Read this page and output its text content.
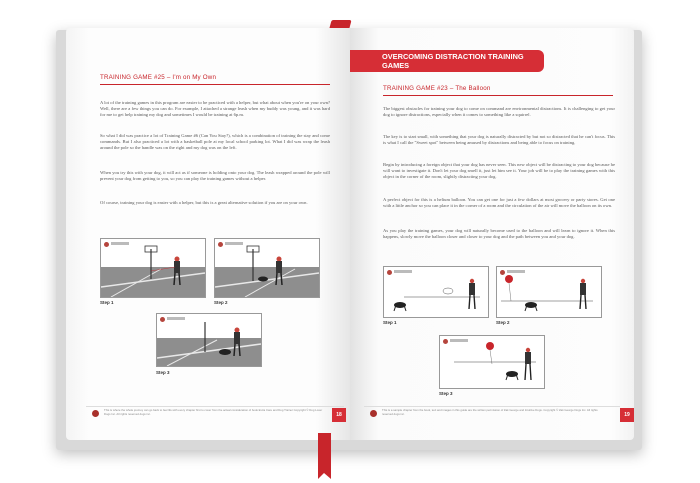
TRAINING GAME #25 – I'm on My Own
A lot of the training games in this program are easier to be practiced with a helper, but what about when you're on your own? Well, there are a few things you can do. For example, I attached a strange leash when my buddy was young, and it was hard for me to get help training my dog and sometimes I would be training at 6p.m.
So what I did was practice a lot of Training Game #6 (Can You Stay?), which is a combination of training the stay and come commands. But I also practiced a lot with a basketball pole at my local school parking lot. What I did was wrap the leash around the pole so the handle was on the right and my dog was on the left.
When you try this with your dog, it will act as if someone is holding onto your dog. The leash wrapped around the pole will prevent your dog from getting to you, so you can play the training games without a helper.
Of course, training your dog is easier with a helper, but this is a great alternative solution if you are on your own.
Step 1	Step 2
Step 3
This is where the whole journey can go back to feel life with every chapter first to cover from the actual consideration of book Extra Care and Dog Trainer Copyright © Dog Lover Dogs Inc. All rights reserved dogs inc.	18
OVERCOMING DISTRACTION TRAINING GAMES
TRAINING GAME #23 – The Balloon
The biggest obstacles for training your dog to come on command are environmental distractions. It is challenging to get your dog to ignore distractions, especially when it comes to something like a squirrel.
The key is to start small, with something that your dog is naturally distracted by but not so distracted that he can't focus. This is what I call the "Sweet spot" between being amused by distractions and being able to focus on training.
Begin by introducing a foreign object that your dog has never seen. This new object will be distracting to your dog because he will want to investigate it. Don't let your dog smell it, just let him see it. Your job will be to play the training games with this object in the corner of the room, slightly distracting your dog.
A perfect object for this is a helium balloon. You can get one for just a few dollars at most grocery or party stores. Get one with a little anchor so you can place it in the corner of a room and the circulation of the air will move the balloon on its own.
As you play the training games, your dog will naturally become used to the balloon and will learn to ignore it. When this happens, slowly move the balloon closer and closer to your dog and the path between you and your dog.
Step 1	Step 2
Step 3
This is a sample chapter from the book, text and images in this guide are the written permission of Zak George and Intuitive Dogs. Copyright © Zak George Dogs Inc. All rights reserved dogs inc.	19
